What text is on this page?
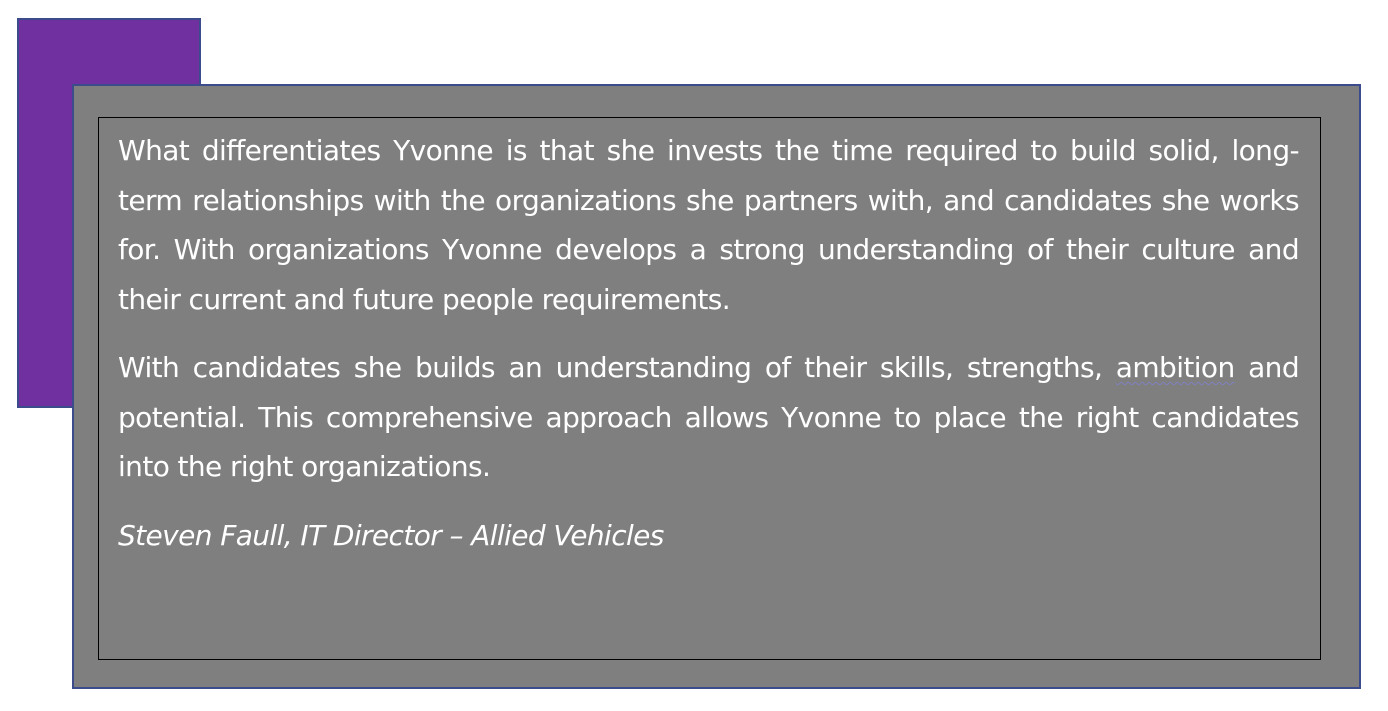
What differentiates Yvonne is that she invests the time required to build solid, long-term relationships with the organizations she partners with, and candidates she works for. With organizations Yvonne develops a strong understanding of their culture and their current and future people requirements.

With candidates she builds an understanding of their skills, strengths, ambition and potential. This comprehensive approach allows Yvonne to place the right candidates into the right organizations.

Steven Faull, IT Director – Allied Vehicles
